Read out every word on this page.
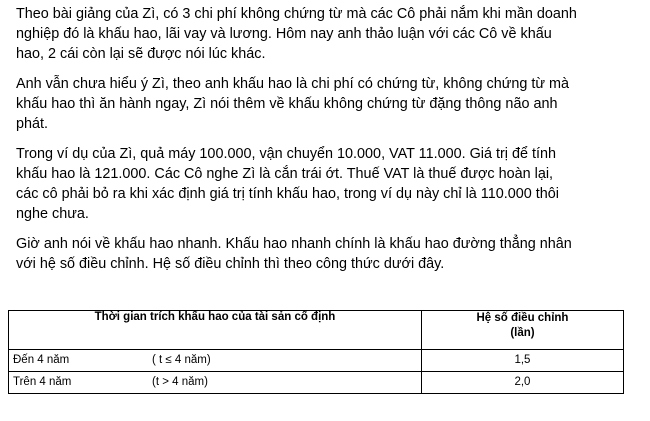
Theo bài giảng của Zì, có 3 chi phí không chứng từ mà các Cô phải nắm khi mần doanh
nghiệp đó là khấu hao, lãi vay và lương. Hôm nay anh thảo luận với các Cô về khấu
hao, 2 cái còn lại sẽ được nói lúc khác.

Anh vẫn chưa hiểu ý Zì, theo anh khấu hao là chi phí có chứng từ, không chứng từ mà
khấu hao thì ăn hành ngay, Zì nói thêm về khấu không chứng từ đặng thông não anh
phát.

Trong ví dụ của Zì, quả máy 100.000, vận chuyển 10.000, VAT 11.000. Giá trị để tính
khấu hao là 121.000. Các Cô nghe Zì là cắn trái ớt. Thuế VAT là thuế được hoàn lại,
các cô phải bỏ ra khi xác định giá trị tính khấu hao, trong ví dụ này chỉ là 110.000 thôi
nghe chưa.

Giờ anh nói về khấu hao nhanh. Khấu hao nhanh chính là khấu hao đường thẳng nhân
với hệ số điều chỉnh. Hệ số điều chỉnh thì theo công thức dưới đây.

Thời gian trích khấu hao của tài sản cố định	Hệ số điều chỉnh
(lần)

Đến 4 năm ( t ≤ 4 năm)	1,5

Trên 4 năm (t > 4 năm)	2,0
